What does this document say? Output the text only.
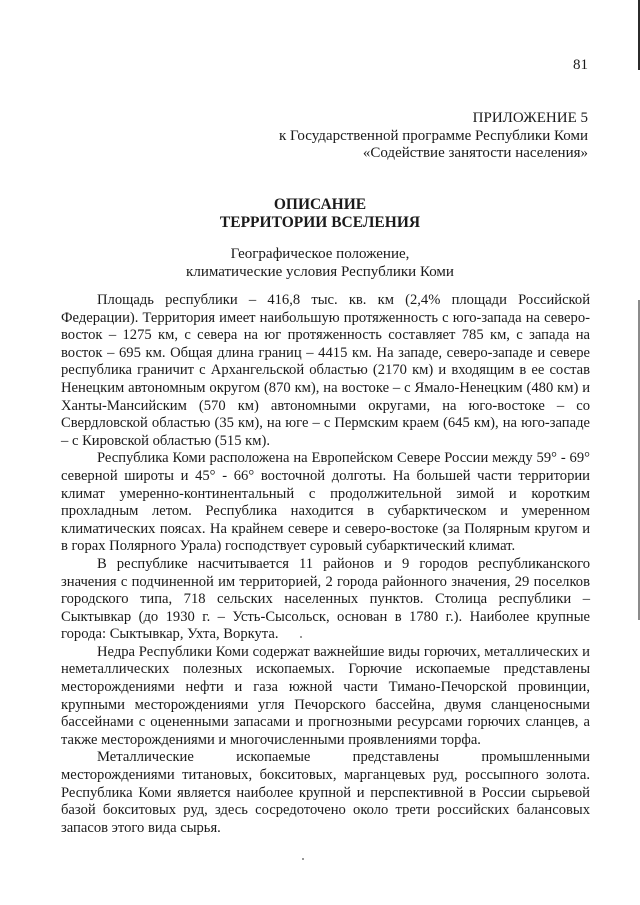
81
ПРИЛОЖЕНИЕ 5
к Государственной программе Республики Коми
«Содействие занятости населения»
ОПИСАНИЕ
ТЕРРИТОРИИ ВСЕЛЕНИЯ
Географическое положение,
климатические условия Республики Коми

Площадь республики – 416,8 тыс. кв. км (2,4% площади Российской Федерации). Территория имеет наибольшую протяженность с юго-запада на северо-восток – 1275 км, с севера на юг протяженность составляет 785 км, с запада на восток – 695 км. Общая длина границ – 4415 км. На западе, северо-западе и севере республика граничит с Архангельской областью (2170 км) и входящим в ее состав Ненецким автономным округом (870 км), на востоке – с Ямало-Ненецким (480 км) и Ханты-Мансийским (570 км) автономными округами, на юго-востоке – со Свердловской областью (35 км), на юге – с Пермским краем (645 км), на юго-западе – с Кировской областью (515 км).

Республика Коми расположена на Европейском Севере России между 59° - 69° северной широты и 45° - 66° восточной долготы. На большей части территории климат умеренно-континентальный с продолжительной зимой и коротким прохладным летом. Республика находится в субарктическом и умеренном климатических поясах. На крайнем севере и северо-востоке (за Полярным кругом и в горах Полярного Урала) господствует суровый субарктический климат.

В республике насчитывается 11 районов и 9 городов республиканского значения с подчиненной им территорией, 2 города районного значения, 29 поселков городского типа, 718 сельских населенных пунктов. Столица республики – Сыктывкар (до 1930 г. – Усть-Сысольск, основан в 1780 г.). Наиболее крупные города: Сыктывкар, Ухта, Воркута.

Недра Республики Коми содержат важнейшие виды горючих, металлических и неметаллических полезных ископаемых. Горючие ископаемые представлены месторождениями нефти и газа южной части Тимано-Печорской провинции, крупными месторождениями угля Печорского бассейна, двумя сланценосными бассейнами с оцененными запасами и прогнозными ресурсами горючих сланцев, а также месторождениями и многочисленными проявлениями торфа.

Металлические ископаемые представлены промышленными месторождениями титановых, бокситовых, марганцевых руд, россыпного золота. Республика Коми является наиболее крупной и перспективной в России сырьевой базой бокситовых руд, здесь сосредоточено около трети российских балансовых запасов этого вида сырья.
